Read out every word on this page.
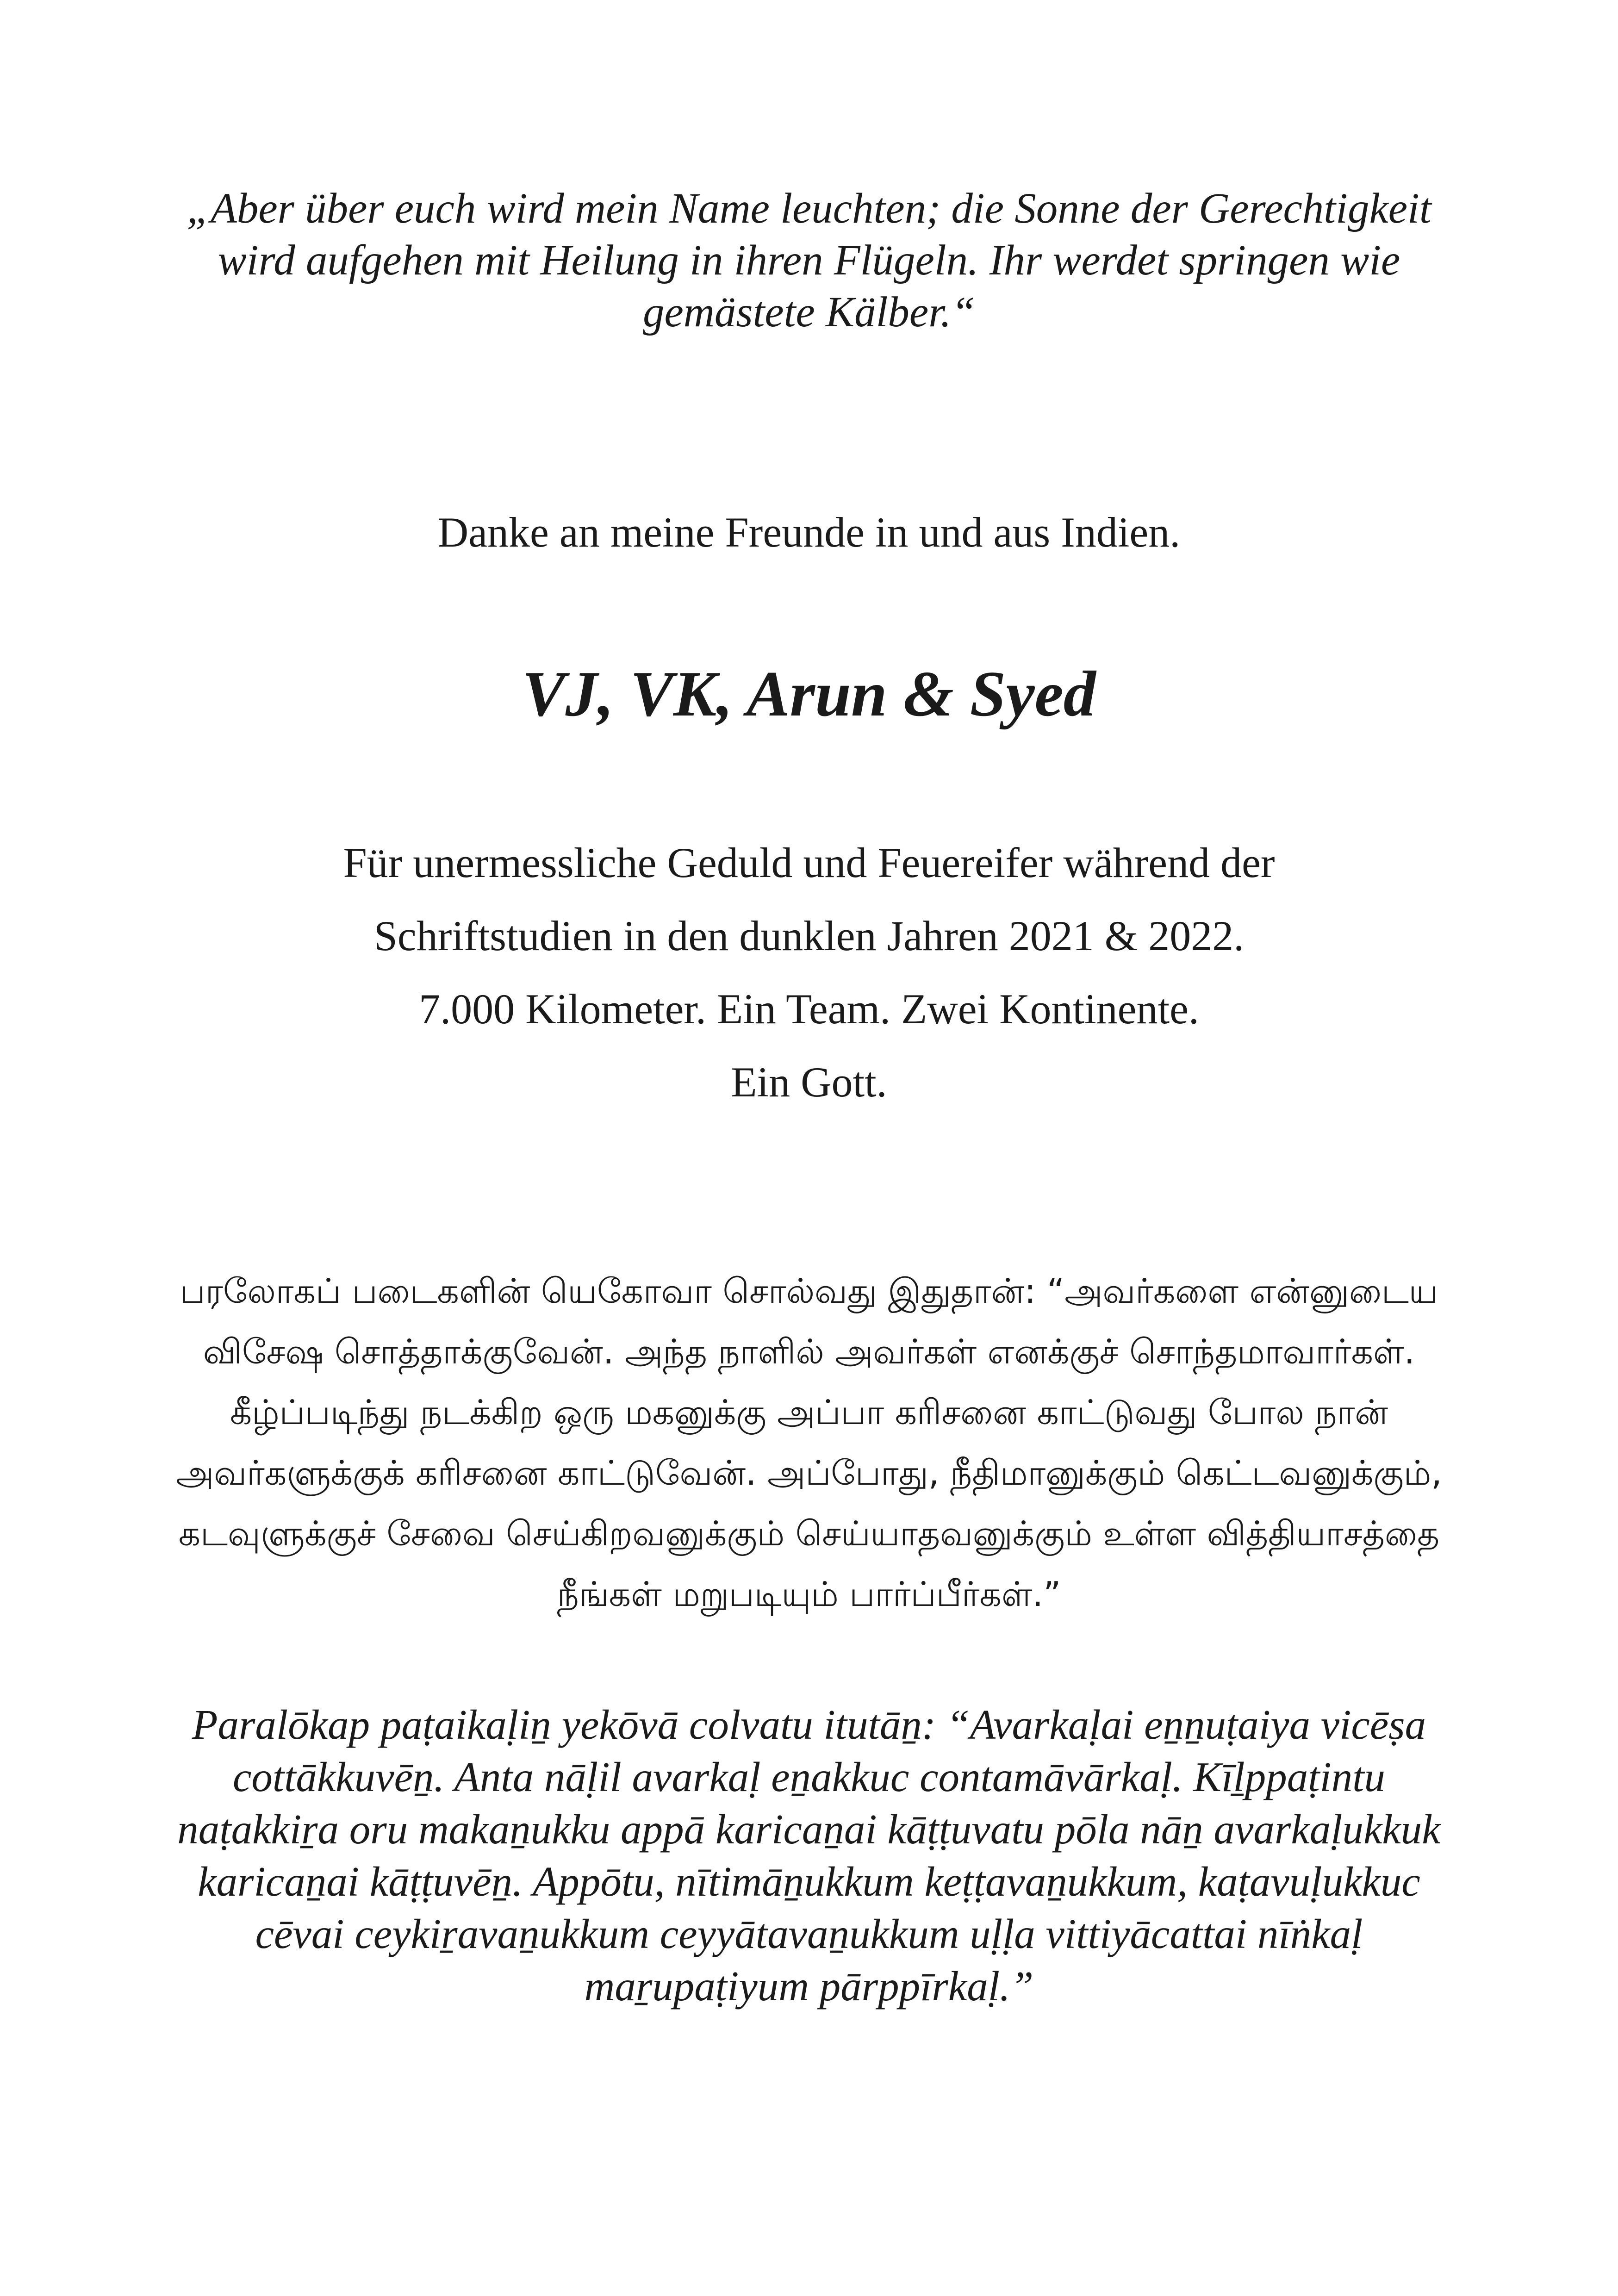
„Aber über euch wird mein Name leuchten; die Sonne der Gerechtigkeit wird aufgehen mit Heilung in ihren Flügeln. Ihr werdet springen wie gemästete Kälber.“
Danke an meine Freunde in und aus Indien.
VJ, VK, Arun & Syed
Für unermessliche Geduld und Feuereifer während der
Schriftstudien in den dunklen Jahren 2021 & 2022.
7.000 Kilometer. Ein Team. Zwei Kontinente.
Ein Gott.
பரலோகப் படைகளின் யெகோவா சொல்வது இதுதான்: “அவர்களை என்னுடைய விசேஷ சொத்தாக்குவேன். அந்த நாளில் அவர்கள் எனக்குச் சொந்தமாவார்கள். கீழ்ப்படிந்து நடக்கிற ஒரு மகனுக்கு அப்பா கரிசனை காட்டுவது போல நான் அவர்களுக்குக் கரிசனை காட்டுவேன். அப்போது, நீதிமானுக்கும் கெட்டவனுக்கும், கடவுளுக்குச் சேவை செய்கிறவனுக்கும் செய்யாதவனுக்கும் உள்ள வித்தியாசத்தை நீங்கள் மறுபடியும் பார்ப்பீர்கள்.”
Paralōkap paṭaikaḷiṉ yekōvā colvatu itutāṉ: “Avarkaḷai eṉṉuṭaiya vicēṣa cottākkuvēṉ. Anta nāḷil avarkaḷ eṉakkuc contamāvārkaḷ. Kīḻppaṭintu naṭakkiṟa oru makaṉukku appā karicaṉai kāṭṭuvatu pōla nāṉ avarkaḷukkuk karicaṉai kāṭṭuvēṉ. Appōtu, nītimāṉukkum keṭṭavaṉukkum, kaṭavuḷukkuc cēvai ceykiṟavaṉukkum ceyyātavaṉukkum uḷḷa vittiyācattai nīṅkaḷ maṟupaṭiyum pārppīrkaḷ.”
